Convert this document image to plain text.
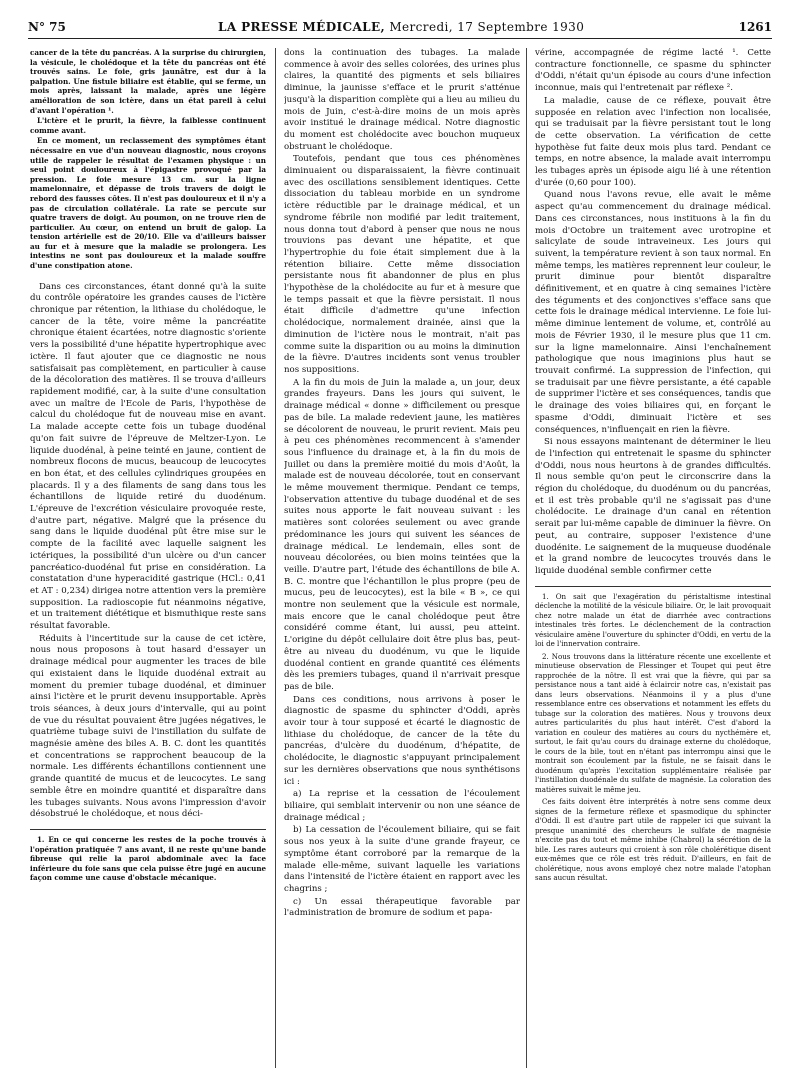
N° 75	LA PRESSE MÉDICALE, Mercredi, 17 Septembre 1930	1261

cancer de la tête du pancréas. A la surprise du chirurgien, la vésicule, le cholédoque et la tête du pancréas ont été trouvés sains. Le foie, gris jaunâtre, est dur à la palpation. Une fistule biliaire est établie, qui se ferme, un mois après, laissant la malade, après une légère amélioration de son ictère, dans un état pareil à celui d'avant l'opération ¹.

L'ictère et le prurit, la fièvre, la faiblesse continuent comme avant.

En ce moment, un reclassement des symptômes étant nécessaire en vue d'un nouveau diagnostic, nous croyons utile de rappeler le résultat de l'examen physique : un seul point douloureux à l'épigastre provoqué par la pression. Le foie mesure 13 cm. sur la ligne mamelonnaire, et dépasse de trois travers de doigt le rebord des fausses côtes. Il n'est pas douloureux et il n'y a pas de circulation collatérale. La rate se percute sur quatre travers de doigt. Au poumon, on ne trouve rien de particulier. Au cœur, on entend un bruit de galop. La tension artérielle est de 20/10. Elle va d'ailleurs baisser au fur et à mesure que la maladie se prolongera. Les intestins ne sont pas douloureux et la malade souffre d'une constipation atone.

Dans ces circonstances, étant donné qu'à la suite du contrôle opératoire les grandes causes de l'ictère chronique par rétention, la lithiase du cholédoque, le cancer de la tête, voire même la pancréatite chronique étaient écartées, notre diagnostic s'oriente vers la possibilité d'une hépatite hypertrophique avec ictère. Il faut ajouter que ce diagnostic ne nous satisfaisait pas complètement, en particulier à cause de la décoloration des matières. Il se trouva d'ailleurs rapidement modifié, car, à la suite d'une consultation avec un maître de l'Ecole de Paris, l'hypothèse de calcul du cholédoque fut de nouveau mise en avant. La malade accepte cette fois un tubage duodénal qu'on fait suivre de l'épreuve de Meltzer-Lyon. Le liquide duodénal, à peine teinté en jaune, contient de nombreux flocons de mucus, beaucoup de leucocytes en bon état, et des cellules cylindriques groupées en placards. Il y a des filaments de sang dans tous les échantillons de liquide retiré du duodénum. L'épreuve de l'excrétion vésiculaire provoquée reste, d'autre part, négative. Malgré que la présence du sang dans le liquide duodénal pût être mise sur le compte de la facilité avec laquelle saignent les ictériques, la possibilité d'un ulcère ou d'un cancer pancréatico-duodénal fut prise en considération. La constatation d'une hyperacidité gastrique (HCl.: 0,41 et AT : 0,234) dirigea notre attention vers la première supposition. La radioscopie fut néanmoins négative, et un traitement diététique et bismuthique reste sans résultat favorable.

Réduits à l'incertitude sur la cause de cet ictère, nous nous proposons à tout hasard d'essayer un drainage médical pour augmenter les traces de bile qui existaient dans le liquide duodénal extrait au moment du premier tubage duodénal, et diminuer ainsi l'ictère et le prurit devenu insupportable. Après trois séances, à deux jours d'intervalle, qui au point de vue du résultat pouvaient être jugées négatives, le quatrième tubage suivi de l'instillation du sulfate de magnésie amène des biles A. B. C. dont les quantités et concentrations se rapprochent beaucoup de la normale. Les différents échantillons contiennent une grande quantité de mucus et de leucocytes. Le sang semble être en moindre quantité et disparaître dans les tubages suivants. Nous avons l'impression d'avoir désobstrué le cholédoque, et nous déci-

1. En ce qui concerne les restes de la poche trouvés à l'opération pratiquée 7 ans avant, il ne reste qu'une bande fibreuse qui relie la paroi abdominale avec la face inférieure du foie sans que cela puisse être jugé en aucune façon comme une cause d'obstacle mécanique.

dons la continuation des tubages. La malade commence à avoir des selles colorées, des urines plus claires, la quantité des pigments et sels biliaires diminue, la jaunisse s'efface et le prurit s'atténue jusqu'à la disparition complète qui a lieu au milieu du mois de Juin, c'est-à-dire moins de un mois après avoir institué le drainage médical. Notre diagnostic du moment est cholédocite avec bouchon muqueux obstruant le cholédoque.

Toutefois, pendant que tous ces phénomènes diminuaient ou disparaissaient, la fièvre continuait avec des oscillations sensiblement identiques. Cette dissociation du tableau morbide en un syndrome ictère réductible par le drainage médical, et un syndrome fébrile non modifié par ledit traitement, nous donna tout d'abord à penser que nous ne nous trouvions pas devant une hépatite, et que l'hypertrophie du foie était simplement due à la rétention biliaire. Cette même dissociation persistante nous fit abandonner de plus en plus l'hypothèse de la cholédocite au fur et à mesure que le temps passait et que la fièvre persistait. Il nous était difficile d'admettre qu'une infection cholédocique, normalement drainée, ainsi que la diminution de l'ictère nous le montrait, n'ait pas comme suite la disparition ou au moins la diminution de la fièvre. D'autres incidents sont venus troubler nos suppositions.

A la fin du mois de Juin la malade a, un jour, deux grandes frayeurs. Dans les jours qui suivent, le drainage médical « donne » difficilement ou presque pas de bile. La malade redevient jaune, les matières se décolorent de nouveau, le prurit revient. Mais peu à peu ces phénomènes recommencent à s'amender sous l'influence du drainage et, à la fin du mois de Juillet ou dans la première moitié du mois d'Août, la malade est de nouveau décolorée, tout en conservant le même mouvement thermique. Pendant ce temps, l'observation attentive du tubage duodénal et de ses suites nous apporte le fait nouveau suivant : les matières sont colorées seulement ou avec grande prédominance les jours qui suivent les séances de drainage médical. Le lendemain, elles sont de nouveau décolorées, ou bien moins teintées que la veille. D'autre part, l'étude des échantillons de bile A. B. C. montre que l'échantillon le plus propre (peu de mucus, peu de leucocytes), est la bile « B », ce qui montre non seulement que la vésicule est normale, mais encore que le canal cholédoque peut être considéré comme étant, lui aussi, peu atteint. L'origine du dépôt cellulaire doit être plus bas, peut-être au niveau du duodénum, vu que le liquide duodénal contient en grande quantité ces éléments dès les premiers tubages, quand il n'arrivait presque pas de bile.

Dans ces conditions, nous arrivons à poser le diagnostic de spasme du sphincter d'Oddi, après avoir tour à tour supposé et écarté le diagnostic de lithiase du cholédoque, de cancer de la tête du pancréas, d'ulcère du duodénum, d'hépatite, de cholédocite, le diagnostic s'appuyant principalement sur les dernières observations que nous synthétisons ici :

a) La reprise et la cessation de l'écoulement biliaire, qui semblait intervenir ou non une séance de drainage médical ;

b) La cessation de l'écoulement biliaire, qui se fait sous nos yeux à la suite d'une grande frayeur, ce symptôme étant corroboré par la remarque de la malade elle-même, suivant laquelle les variations dans l'intensité de l'ictère étaient en rapport avec les chagrins ;

c) Un essai thérapeutique favorable par l'administration de bromure de sodium et papa-

vérine, accompagnée de régime lacté ¹. Cette contracture fonctionnelle, ce spasme du sphincter d'Oddi, n'était qu'un épisode au cours d'une infection inconnue, mais qui l'entretenait par réflexe ².

La maladie, cause de ce réflexe, pouvait être supposée en relation avec l'infection non localisée, qui se traduisait par la fièvre persistant tout le long de cette observation. La vérification de cette hypothèse fut faite deux mois plus tard. Pendant ce temps, en notre absence, la malade avait interrompu les tubages après un épisode aigu lié à une rétention d'urée (0,60 pour 100).

Quand nous l'avons revue, elle avait le même aspect qu'au commencement du drainage médical. Dans ces circonstances, nous instituons à la fin du mois d'Octobre un traitement avec urotropine et salicylate de soude intraveineux. Les jours qui suivent, la température revient à son taux normal. En même temps, les matières reprennent leur couleur, le prurit diminue pour bientôt disparaître définitivement, et en quatre à cinq semaines l'ictère des téguments et des conjonctives s'efface sans que cette fois le drainage médical intervienne. Le foie lui-même diminue lentement de volume, et, contrôlé au mois de Février 1930, il le mesure plus que 11 cm. sur la ligne mamelonnaire. Ainsi l'enchaînement pathologique que nous imaginions plus haut se trouvait confirmé. La suppression de l'infection, qui se traduisait par une fièvre persistante, a été capable de supprimer l'ictère et ses conséquences, tandis que le drainage des voies biliaires qui, en forçant le spasme d'Oddi, diminuait l'ictère et ses conséquences, n'influençait en rien la fièvre.

Si nous essayons maintenant de déterminer le lieu de l'infection qui entretenait le spasme du sphincter d'Oddi, nous nous heurtons à de grandes difficultés. Il nous semble qu'on peut le circonscrire dans la région du cholédoque, du duodénum ou du pancréas, et il est très probable qu'il ne s'agissait pas d'une cholédocite. Le drainage d'un canal en rétention serait par lui-même capable de diminuer la fièvre. On peut, au contraire, supposer l'existence d'une duodénite. Le saignement de la muqueuse duodénale et la grand nombre de leucocytes trouvés dans le liquide duodénal semble confirmer cette

1. On sait que l'exagération du péristaltisme intestinal déclenche la motilité de la vésicule biliaire. Or, le lait provoquait chez notre malade un état de diarrhée avec contractions intestinales très fortes. Le déclenchement de la contraction vésiculaire amène l'ouverture du sphincter d'Oddi, en vertu de la loi de l'innervation contraire.

2. Nous trouvons dans la littérature récente une excellente et minutieuse observation de Flessinger et Toupet qui peut être rapprochée de la nôtre. Il est vrai que la fièvre, qui par sa persistance nous a tant aidé à éclaircir notre cas, n'existait pas dans leurs observations. Néanmoins il y a plus d'une ressemblance entre ces observations et notamment les effets du tubage sur la coloration des matières. Nous y trouvons deux autres particularités du plus haut intérêt. C'est d'abord la variation en couleur des matières au cours du nycthémère et, surtout, le fait qu'au cours du drainage externe du cholédoque, le cours de la bile, tout en n'étant pas interrompu ainsi que le montrait son écoulement par la fistule, ne se faisait dans le duodénum qu'après l'excitation supplémentaire réalisée par l'instillation duodénale du sulfate de magnésie. La coloration des matières suivait le même jeu.

Ces faits doivent être interprétés à notre sens comme deux signes de la fermeture réflexe et spasmodique du sphincter d'Oddi. Il est d'autre part utile de rappeler ici que suivant la presque unanimité des chercheurs le sulfate de magnésie n'excite pas du tout et même inhibe (Chabrol) la sécrétion de la bile. Les rares auteurs qui croient à son rôle cholérétique disent eux-mêmes que ce rôle est très réduit. D'ailleurs, en fait de cholérétique, nous avons employé chez notre malade l'atophan sans aucun résultat.
